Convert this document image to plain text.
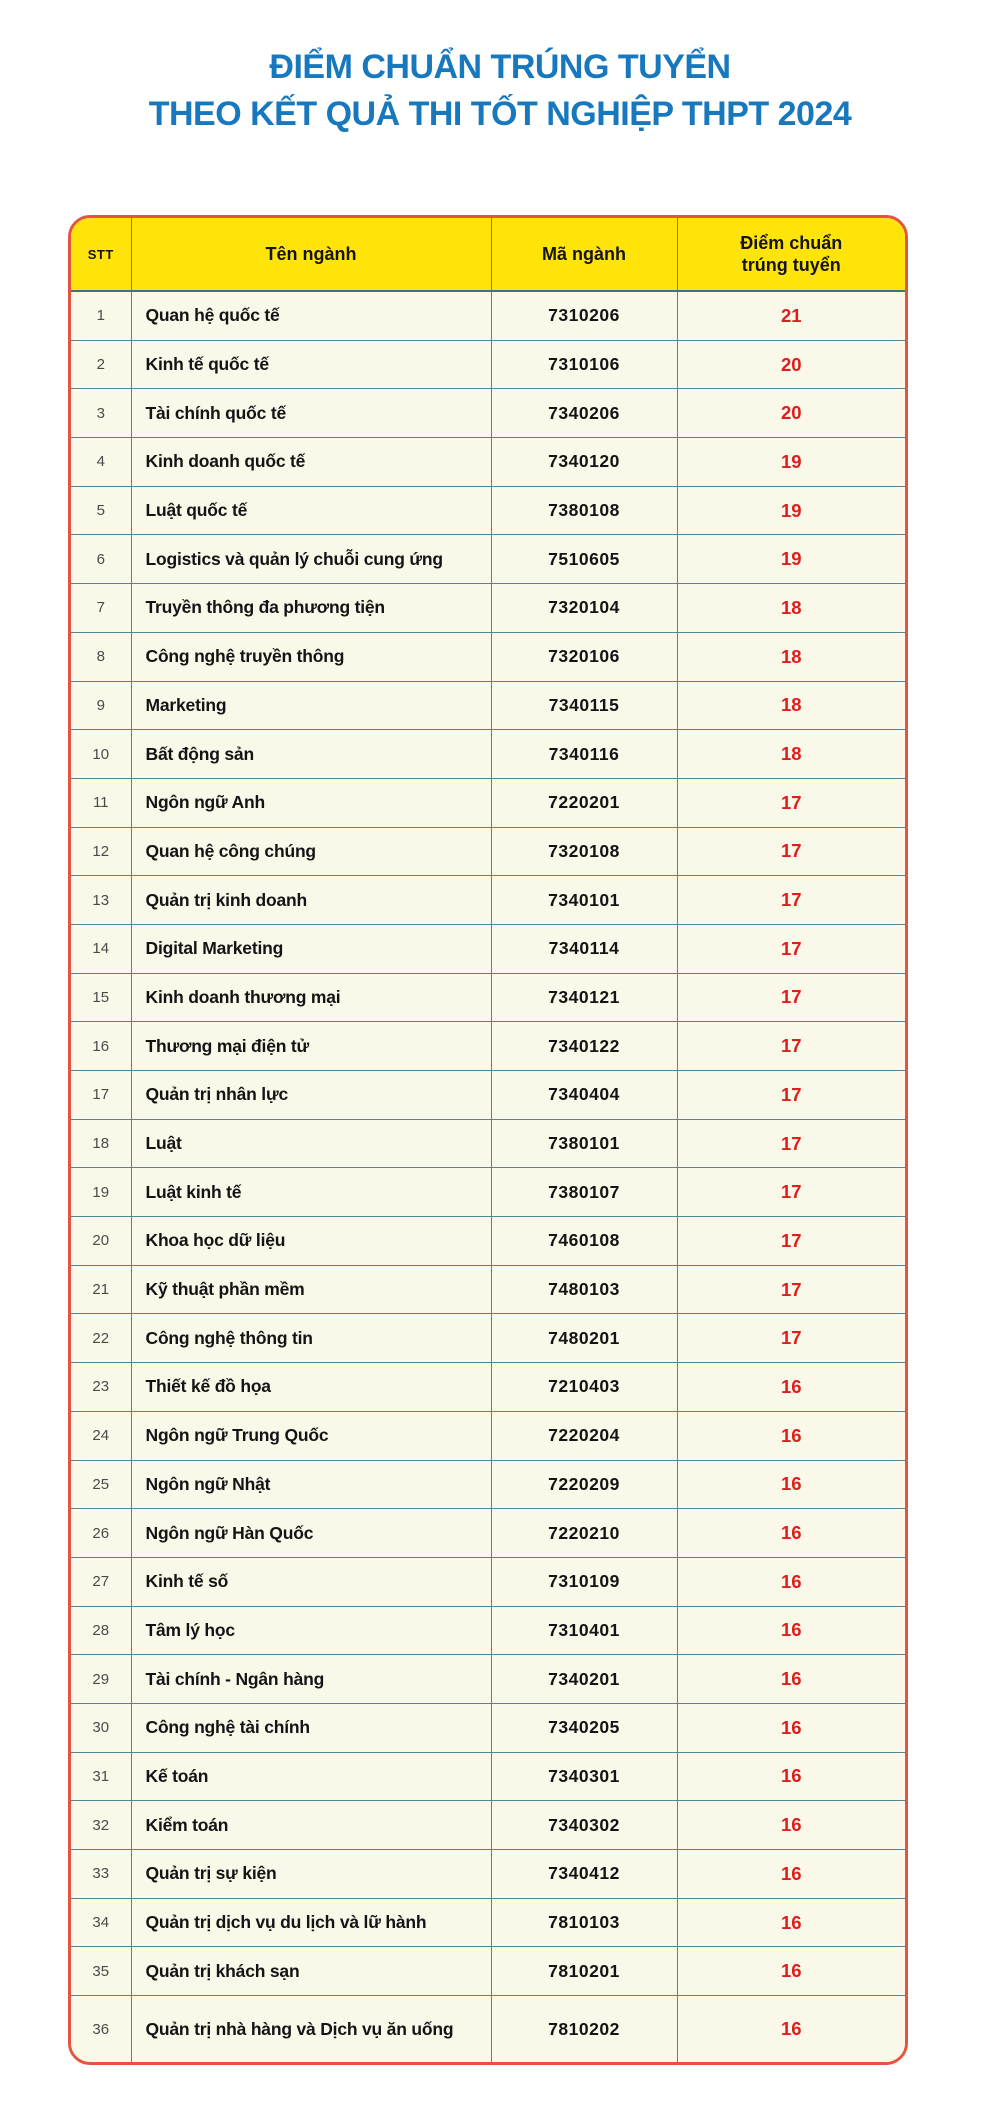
ĐIỂM CHUẨN TRÚNG TUYỂN
THEO KẾT QUẢ THI TỐT NGHIỆP THPT 2024
STT	Tên ngành	Mã ngành	Điểm chuẩn trúng tuyển
1	Quan hệ quốc tế	7310206	21
2	Kinh tế quốc tế	7310106	20
3	Tài chính quốc tế	7340206	20
4	Kinh doanh quốc tế	7340120	19
5	Luật quốc tế	7380108	19
6	Logistics và quản lý chuỗi cung ứng	7510605	19
7	Truyền thông đa phương tiện	7320104	18
8	Công nghệ truyền thông	7320106	18
9	Marketing	7340115	18
10	Bất động sản	7340116	18
11	Ngôn ngữ Anh	7220201	17
12	Quan hệ công chúng	7320108	17
13	Quản trị kinh doanh	7340101	17
14	Digital Marketing	7340114	17
15	Kinh doanh thương mại	7340121	17
16	Thương mại điện tử	7340122	17
17	Quản trị nhân lực	7340404	17
18	Luật	7380101	17
19	Luật kinh tế	7380107	17
20	Khoa học dữ liệu	7460108	17
21	Kỹ thuật phần mềm	7480103	17
22	Công nghệ thông tin	7480201	17
23	Thiết kế đồ họa	7210403	16
24	Ngôn ngữ Trung Quốc	7220204	16
25	Ngôn ngữ Nhật	7220209	16
26	Ngôn ngữ Hàn Quốc	7220210	16
27	Kinh tế số	7310109	16
28	Tâm lý học	7310401	16
29	Tài chính - Ngân hàng	7340201	16
30	Công nghệ tài chính	7340205	16
31	Kế toán	7340301	16
32	Kiểm toán	7340302	16
33	Quản trị sự kiện	7340412	16
34	Quản trị dịch vụ du lịch và lữ hành	7810103	16
35	Quản trị khách sạn	7810201	16
36	Quản trị nhà hàng và Dịch vụ ăn uống	7810202	16
